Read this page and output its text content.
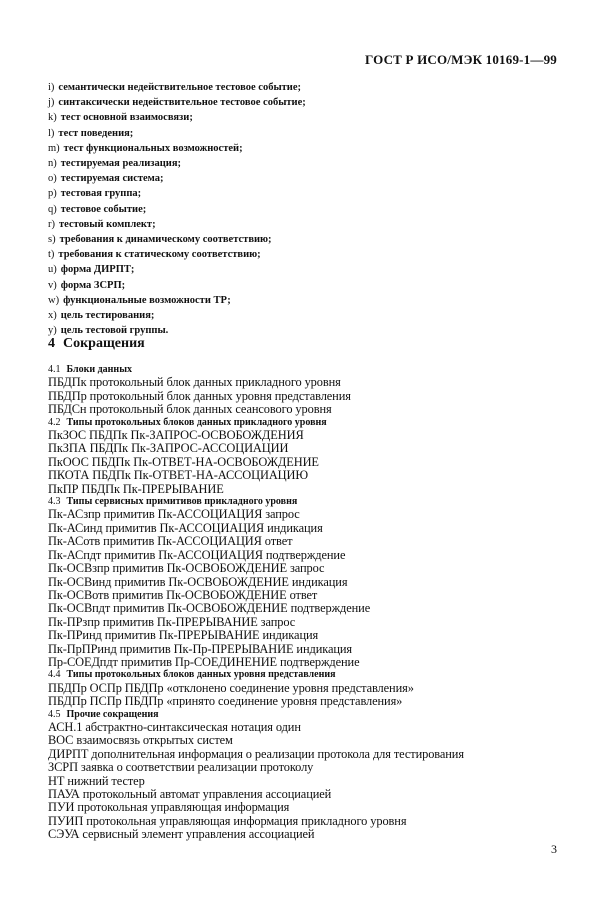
ГОСТ Р ИСО/МЭК 10169-1—99
i) семантически недействительное тестовое событие;
j) синтаксически недействительное тестовое событие;
k) тест основной взаимосвязи;
l) тест поведения;
m) тест функциональных возможностей;
n) тестируемая реализация;
o) тестируемая система;
p) тестовая группа;
q) тестовое событие;
r) тестовый комплект;
s) требования к динамическому соответствию;
t) требования к статическому соответствию;
u) форма ДИРПТ;
v) форма ЗСРП;
w) функциональные возможности ТР;
x) цель тестирования;
y) цель тестовой группы.
4 Сокращения
4.1 Блоки данных
ПБДПк протокольный блок данных прикладного уровня
ПБДПр протокольный блок данных уровня представления
ПБДСн протокольный блок данных сеансового уровня
4.2 Типы протокольных блоков данных прикладного уровня
ПкЗОС ПБДПк Пк-ЗАПРОС-ОСВОБОЖДЕНИЯ
ПкЗПА ПБДПк Пк-ЗАПРОС-АССОЦИАЦИИ
ПкООС ПБДПк Пк-ОТВЕТ-НА-ОСВОБОЖДЕНИЕ
ПКОТА ПБДПк Пк-ОТВЕТ-НА-АССОЦИАЦИЮ
ПкПР ПБДПк Пк-ПРЕРЫВАНИЕ
4.3 Типы сервисных примитивов прикладного уровня
Пк-АСзпр примитив Пк-АССОЦИАЦИЯ запрос
Пк-АСинд примитив Пк-АССОЦИАЦИЯ индикация
Пк-АСотв примитив Пк-АССОЦИАЦИЯ ответ
Пк-АСпдт примитив Пк-АССОЦИАЦИЯ подтверждение
Пк-ОСВзпр примитив Пк-ОСВОБОЖДЕНИЕ запрос
Пк-ОСВинд примитив Пк-ОСВОБОЖДЕНИЕ индикация
Пк-ОСВотв примитив Пк-ОСВОБОЖДЕНИЕ ответ
Пк-ОСВпдт примитив Пк-ОСВОБОЖДЕНИЕ подтверждение
Пк-ПРзпр примитив Пк-ПРЕРЫВАНИЕ запрос
Пк-ПРинд примитив Пк-ПРЕРЫВАНИЕ индикация
Пк-ПрПРинд примитив Пк-Пр-ПРЕРЫВАНИЕ индикация
Пр-СОЕДпдт примитив Пр-СОЕДИНЕНИЕ подтверждение
4.4 Типы протокольных блоков данных уровня представления
ПБДПр ОСПр ПБДПр «отклонено соединение уровня представления»
ПБДПр ПСПр ПБДПр «принято соединение уровня представления»
4.5 Прочие сокращения
АСН.1 абстрактно-синтаксическая нотация один
ВОС взаимосвязь открытых систем
ДИРПТ дополнительная информация о реализации протокола для тестирования
ЗСРП заявка о соответствии реализации протоколу
НТ нижний тестер
ПАУА протокольный автомат управления ассоциацией
ПУИ протокольная управляющая информация
ПУИП протокольная управляющая информация прикладного уровня
СЭУА сервисный элемент управления ассоциацией
3
